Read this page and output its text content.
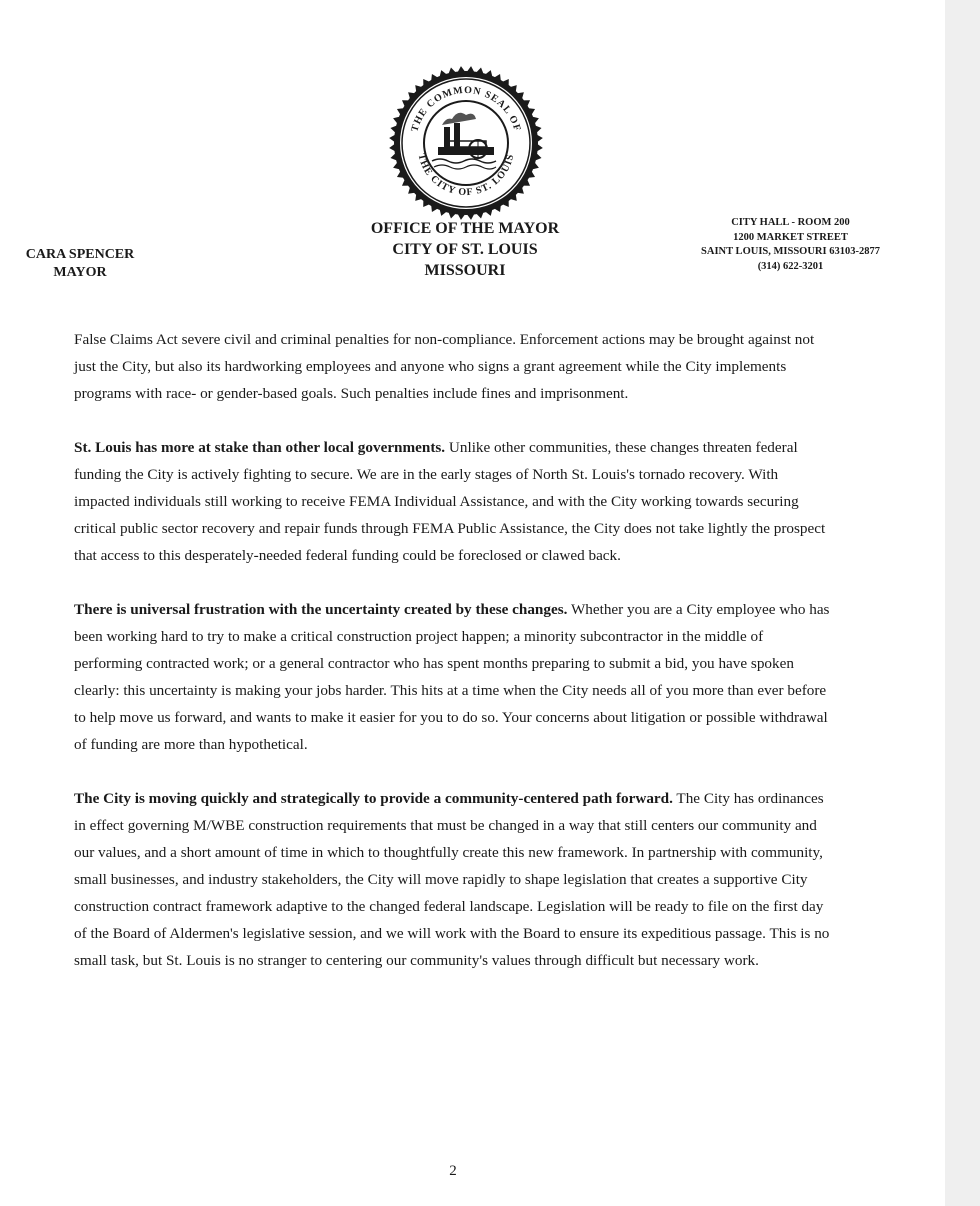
THE COMMON SEAL OF
THE CITY OF ST. LOUIS
OFFICE OF THE MAYOR
CITY OF ST. LOUIS
MISSOURI
CARA SPENCER
MAYOR
CITY HALL - ROOM 200
1200 MARKET STREET
SAINT LOUIS, MISSOURI 63103-2877
(314) 622-3201

False Claims Act severe civil and criminal penalties for non-compliance. Enforcement actions may be brought against not just the City, but also its hardworking employees and anyone who signs a grant agreement while the City implements programs with race- or gender-based goals. Such penalties include fines and imprisonment.

St. Louis has more at stake than other local governments. Unlike other communities, these changes threaten federal funding the City is actively fighting to secure. We are in the early stages of North St. Louis's tornado recovery. With impacted individuals still working to receive FEMA Individual Assistance, and with the City working towards securing critical public sector recovery and repair funds through FEMA Public Assistance, the City does not take lightly the prospect that access to this desperately-needed federal funding could be foreclosed or clawed back.

There is universal frustration with the uncertainty created by these changes. Whether you are a City employee who has been working hard to try to make a critical construction project happen; a minority subcontractor in the middle of performing contracted work; or a general contractor who has spent months preparing to submit a bid, you have spoken clearly: this uncertainty is making your jobs harder. This hits at a time when the City needs all of you more than ever before to help move us forward, and wants to make it easier for you to do so. Your concerns about litigation or possible withdrawal of funding are more than hypothetical.

The City is moving quickly and strategically to provide a community-centered path forward. The City has ordinances in effect governing M/WBE construction requirements that must be changed in a way that still centers our community and our values, and a short amount of time in which to thoughtfully create this new framework. In partnership with community, small businesses, and industry stakeholders, the City will move rapidly to shape legislation that creates a supportive City construction contract framework adaptive to the changed federal landscape. Legislation will be ready to file on the first day of the Board of Aldermen's legislative session, and we will work with the Board to ensure its expeditious passage. This is no small task, but St. Louis is no stranger to centering our community's values through difficult but necessary work.

2
